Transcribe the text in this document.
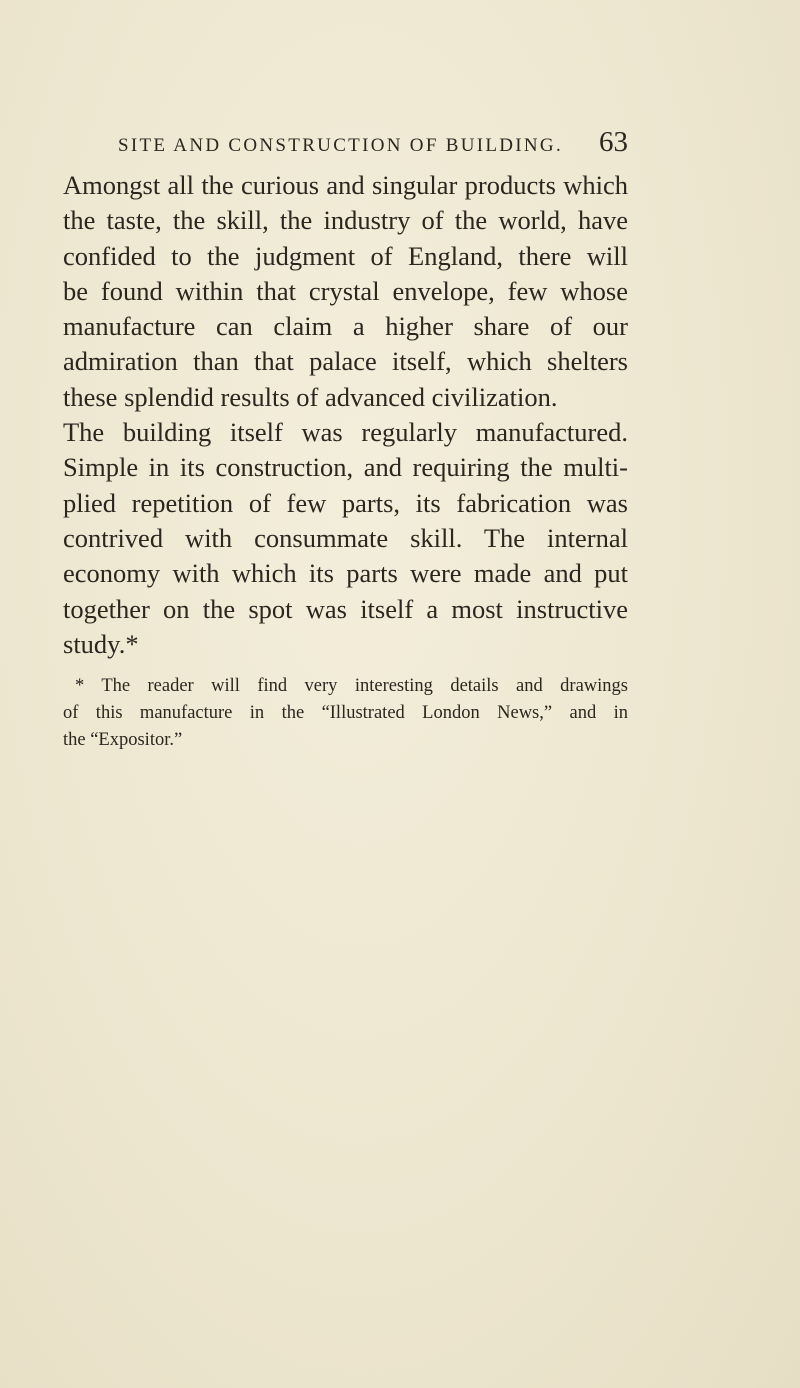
SITE AND CONSTRUCTION OF BUILDING. 63
Amongst all the curious and singular products which
the taste, the skill, the industry of the world, have
confided to the judgment of England, there will
be found within that crystal envelope, few whose
manufacture can claim a higher share of our
admiration than that palace itself, which shelters
these splendid results of advanced civilization.
The building itself was regularly manufactured.
Simple in its construction, and requiring the multi-
plied repetition of few parts, its fabrication was
contrived with consummate skill. The internal
economy with which its parts were made and put
together on the spot was itself a most instructive
study.*
* The reader will find very interesting details and drawings
of this manufacture in the “Illustrated London News,” and in
the “Expositor.”
